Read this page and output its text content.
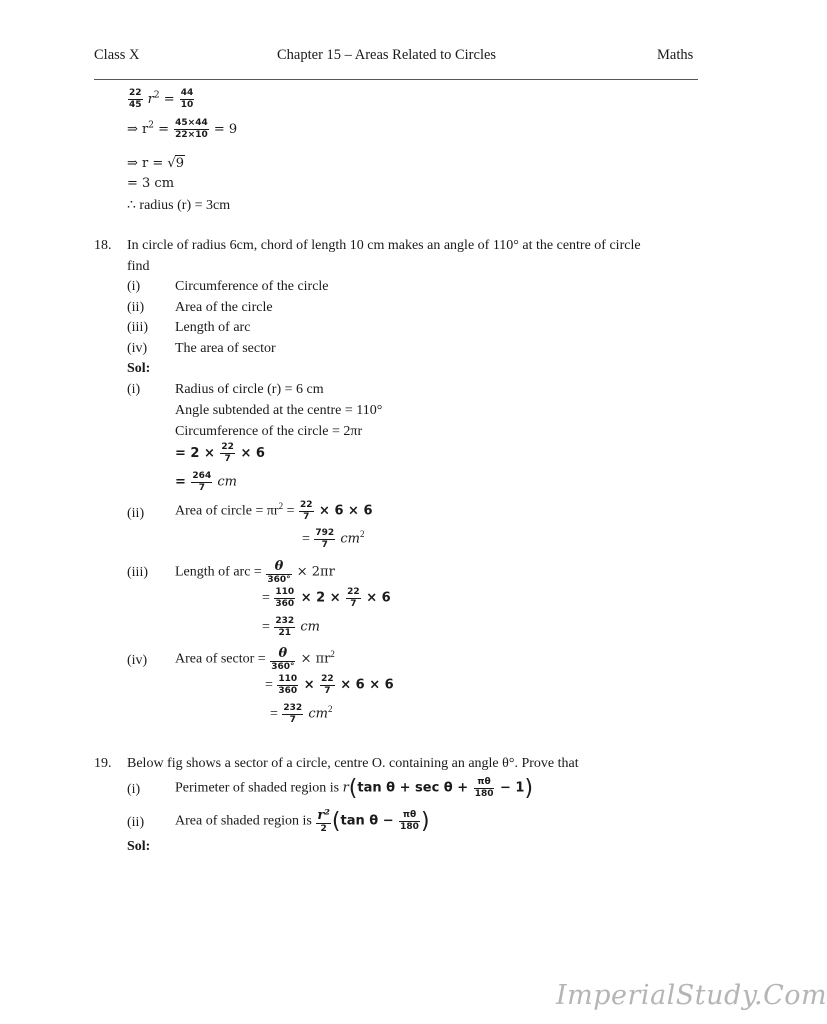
Class X	Chapter 15 – Areas Related to Circles	Maths
$\frac{22}{45} r^2 = \frac{44}{10}$
⇒ $r^2 = \frac{45\times 44}{22\times 10} = 9$
⇒ r = √9
= 3 cm
∴ radius (r) = 3cm
18. In circle of radius 6cm, chord of length 10 cm makes an angle of 110° at the centre of circle
find
(i) Circumference of the circle
(ii) Area of the circle
(iii) Length of arc
(iv) The area of sector
Sol:
(i) Radius of circle (r) = 6 cm
Angle subtended at the centre = 110°
Circumference of the circle = 2πr
= $2 \times \frac{22}{7} \times 6$
= $\frac{264}{7}$ cm
(ii) Area of circle = $\pi r^2 = \frac{22}{7} \times 6 \times 6$
= $\frac{792}{7} cm^2$
(iii) Length of arc = $\frac{\theta}{360^\circ} \times 2\pi r$
= $\frac{110}{360} \times 2 \times \frac{22}{7} \times 6$
= $\frac{232}{21}$ cm
(iv) Area of sector = $\frac{\theta}{360^\circ} \times \pi r^2$
= $\frac{110}{360} \times \frac{22}{7} \times 6 \times 6$
= $\frac{232}{7} cm^2$
19. Below fig shows a sector of a circle, centre O. containing an angle θ°. Prove that
(i) Perimeter of shaded region is r(tan $\theta + \sec \theta + \frac{\pi\theta}{180} - 1$)
(ii) Area of shaded region is $\frac{\text{r²}}{2} (\tan$ $\theta - \frac{\pi\theta}{180}$ )
Sol:
ImperialStudy.Com
